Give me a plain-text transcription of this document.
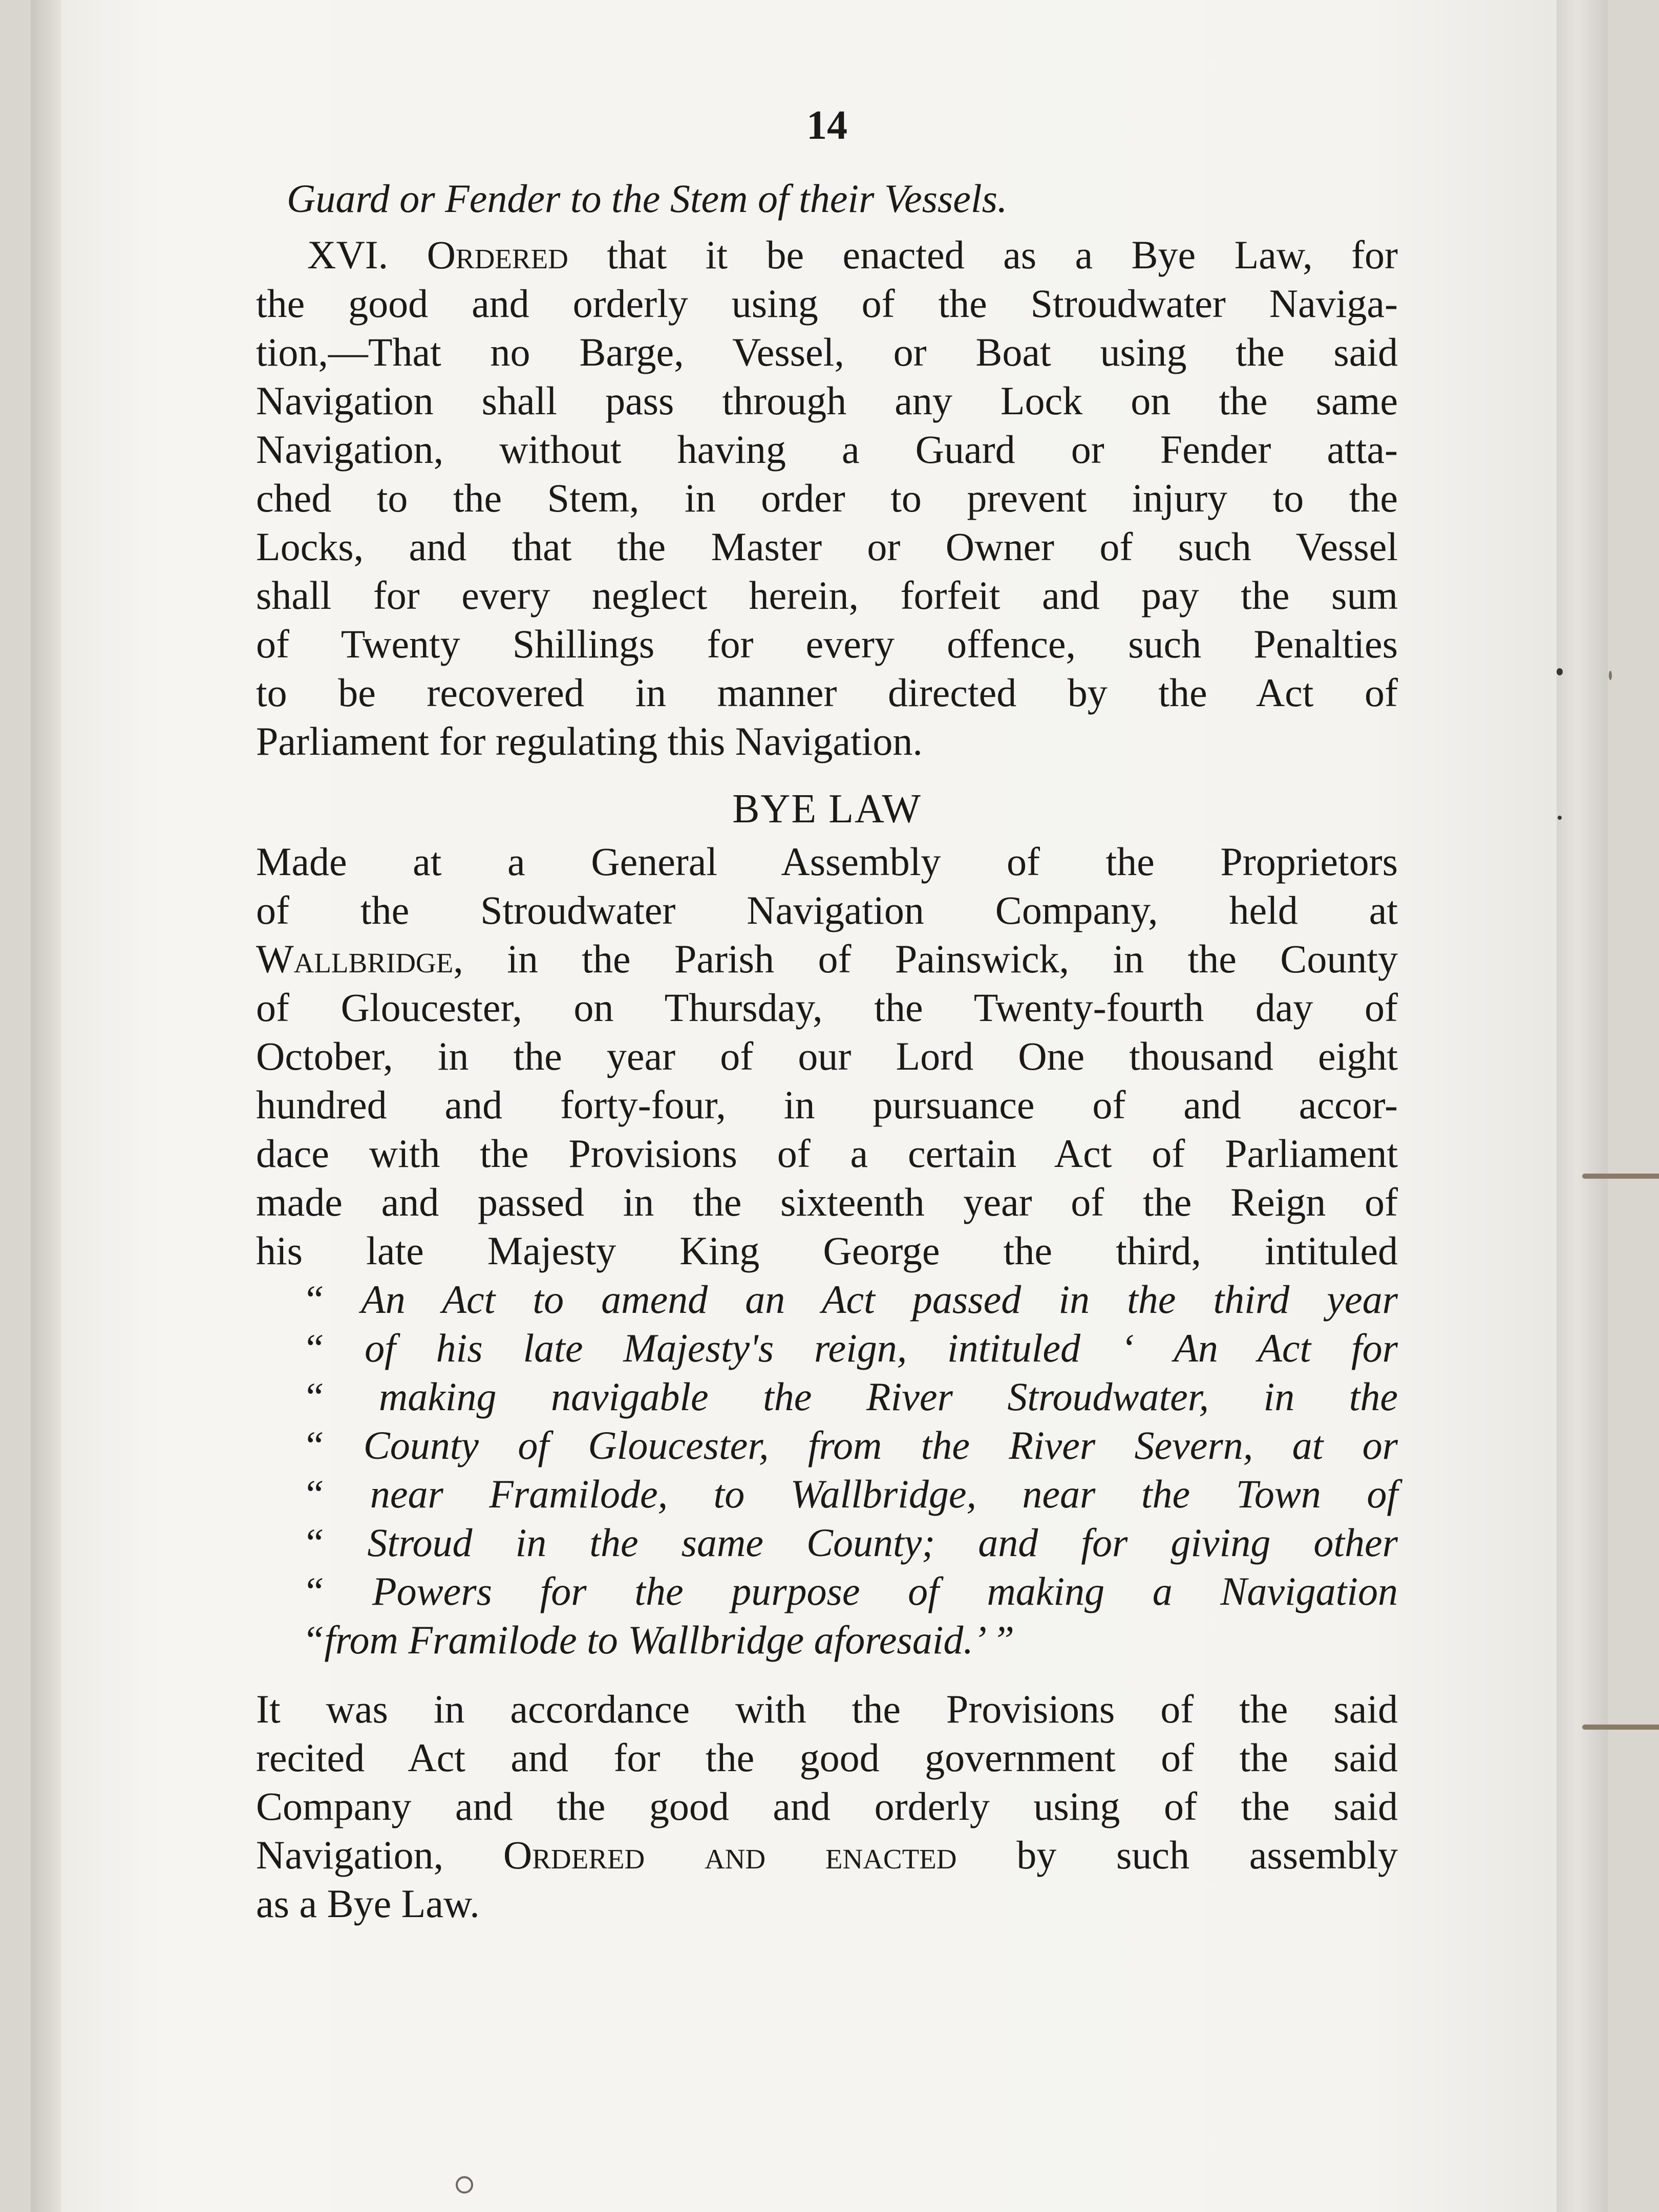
14
Guard or Fender to the Stem of their Vessels.
XVI. Ordered that it be enacted as a Bye Law, for
the good and orderly using of the Stroudwater Naviga-
tion,—That no Barge, Vessel, or Boat using the said
Navigation shall pass through any Lock on the same
Navigation, without having a Guard or Fender atta-
ched to the Stem, in order to prevent injury to the
Locks, and that the Master or Owner of such Vessel
shall for every neglect herein, forfeit and pay the sum
of Twenty Shillings for every offence, such Penalties
to be recovered in manner directed by the Act of
Parliament for regulating this Navigation.
BYE LAW
Made at a General Assembly of the Proprietors
of the Stroudwater Navigation Company, held at
Wallbridge, in the Parish of Painswick, in the County
of Gloucester, on Thursday, the Twenty-fourth day of
October, in the year of our Lord One thousand eight
hundred and forty-four, in pursuance of and accor-
dace with the Provisions of a certain Act of Parliament
made and passed in the sixteenth year of the Reign of
his late Majesty King George the third, intituled
“ An Act to amend an Act passed in the third year
“ of his late Majesty's reign, intituled ‘ An Act for
“ making navigable the River Stroudwater, in the
“ County of Gloucester, from the River Severn, at or
“ near Framilode, to Wallbridge, near the Town of
“ Stroud in the same County; and for giving other
“ Powers for the purpose of making a Navigation
“from Framilode to Wallbridge aforesaid.’ ”
It was in accordance with the Provisions of the said
recited Act and for the good government of the said
Company and the good and orderly using of the said
Navigation, Ordered and enacted by such assembly
as a Bye Law.
